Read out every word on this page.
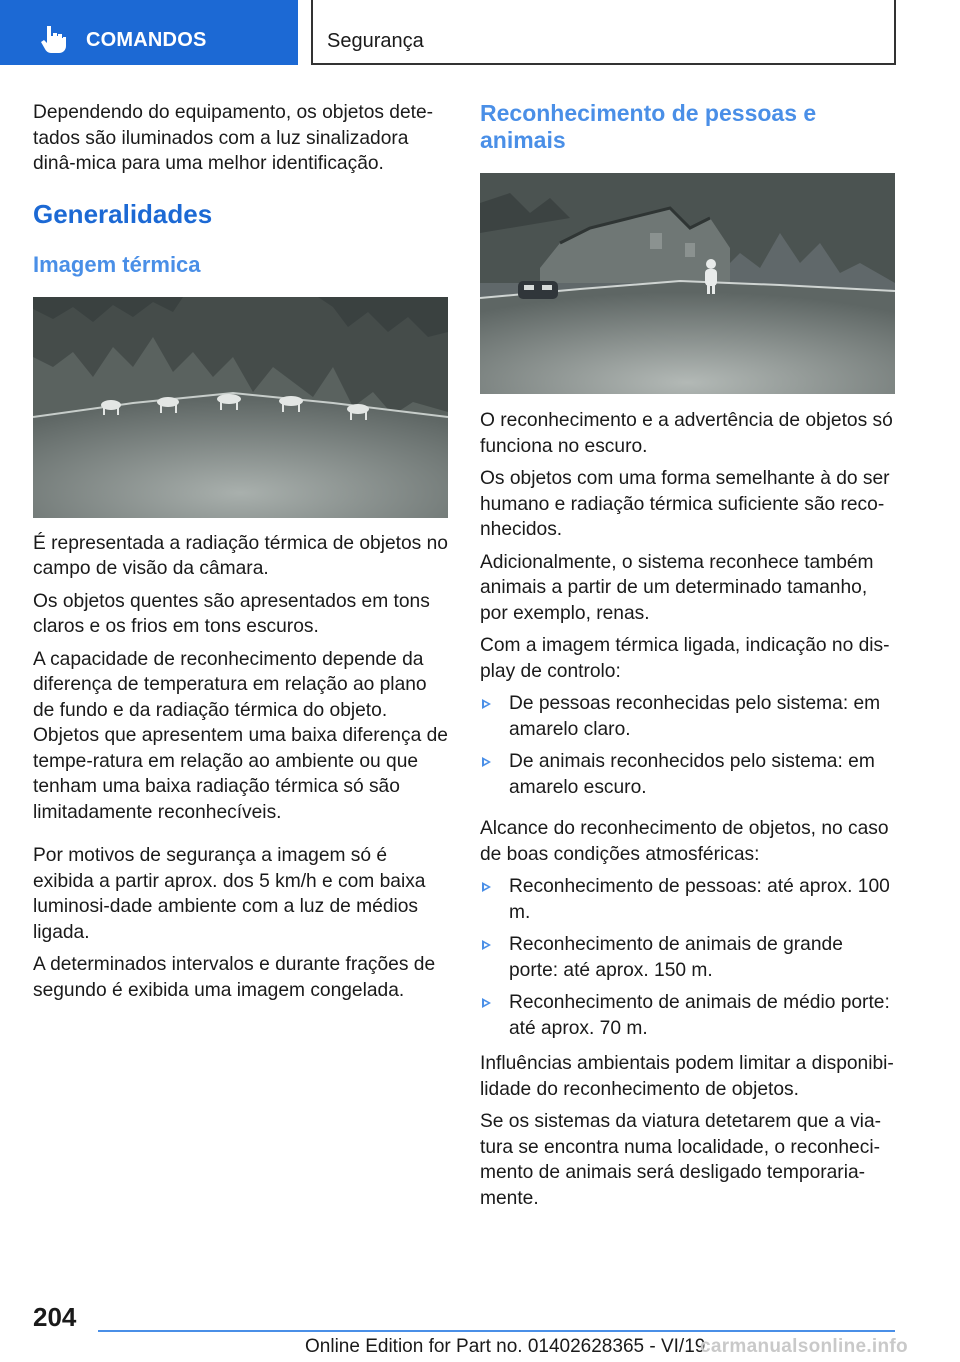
COMANDOS	Segurança

Dependendo do equipamento, os objetos dete-tados são iluminados com a luz sinalizadora dinâ-mica para uma melhor identificação.

Generalidades
Imagem térmica

É representada a radiação térmica de objetos no campo de visão da câmara.

Os objetos quentes são apresentados em tons claros e os frios em tons escuros.

A capacidade de reconhecimento depende da diferença de temperatura em relação ao plano de fundo e da radiação térmica do objeto. Objetos que apresentem uma baixa diferença de tempe-ratura em relação ao ambiente ou que tenham uma baixa radiação térmica só são limitadamente reconhecíveis.

Por motivos de segurança a imagem só é exibida a partir aprox. dos 5 km/h e com baixa luminosi-dade ambiente com a luz de médios ligada.

A determinados intervalos e durante frações de segundo é exibida uma imagem congelada.

Reconhecimento de pessoas e animais

O reconhecimento e a advertência de objetos só funciona no escuro.

Os objetos com uma forma semelhante à do ser humano e radiação térmica suficiente são reco-nhecidos.

Adicionalmente, o sistema reconhece também animais a partir de um determinado tamanho, por exemplo, renas.

Com a imagem térmica ligada, indicação no dis-play de controlo:

De pessoas reconhecidas pelo sistema: em amarelo claro.
De animais reconhecidos pelo sistema: em amarelo escuro.

Alcance do reconhecimento de objetos, no caso de boas condições atmosféricas:

Reconhecimento de pessoas: até aprox. 100 m.
Reconhecimento de animais de grande porte: até aprox. 150 m.
Reconhecimento de animais de médio porte: até aprox. 70 m.

Influências ambientais podem limitar a disponibi-lidade do reconhecimento de objetos.

Se os sistemas da viatura detetarem que a via-tura se encontra numa localidade, o reconheci-mento de animais será desligado temporaria-mente.

204
Online Edition for Part no. 01402628365 - VI/19
carmanualsonline.info
